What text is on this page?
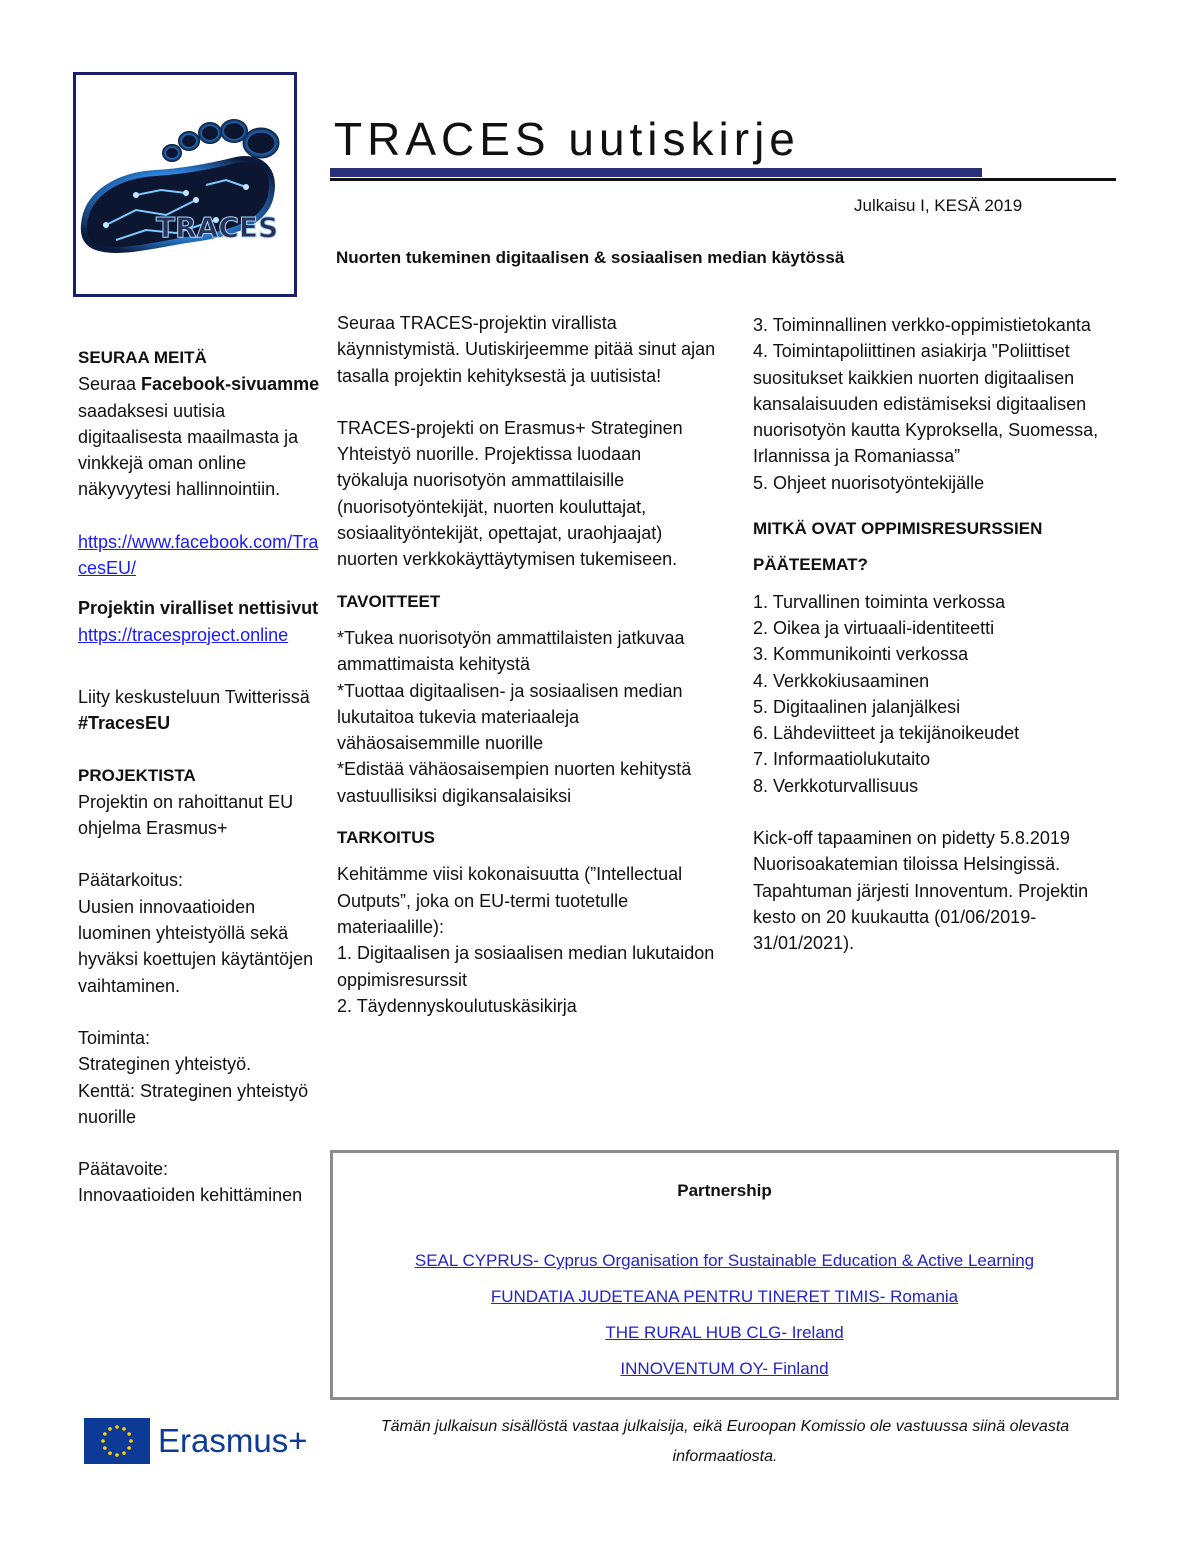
TRACES
TRACES uutiskirje
Julkaisu I, KESÄ 2019
Nuorten tukeminen digitaalisen & sosiaalisen median käytössä

SEURAA MEITÄ

Seuraa Facebook-sivuamme saadaksesi uutisia digitaalisesta maailmasta ja vinkkejä oman online näkyvyytesi hallinnointiin.

https://www.facebook.com/TracesEU/

Projektin viralliset nettisivut

https://tracesproject.online

Liity keskusteluun Twitterissä #TracesEU

PROJEKTISTA

Projektin on rahoittanut EU ohjelma Erasmus+

Päätarkoitus:

Uusien innovaatioiden luominen yhteistyöllä sekä hyväksi koettujen käytäntöjen vaihtaminen.

Toiminta:

Strateginen yhteistyö.

Kenttä: Strateginen yhteistyö nuorille

Päätavoite:

Innovaatioiden kehittäminen

Seuraa TRACES-projektin virallista käynnistymistä. Uutiskirjeemme pitää sinut ajan tasalla projektin kehityksestä ja uutisista!

TRACES-projekti on Erasmus+ Strateginen Yhteistyö nuorille. Projektissa luodaan työkaluja nuorisotyön ammattilaisille (nuorisotyöntekijät, nuorten kouluttajat, sosiaalityöntekijät, opettajat, uraohjaajat) nuorten verkkokäyttäytymisen tukemiseen.

TAVOITTEET

*Tukea nuorisotyön ammattilaisten jatkuvaa ammattimaista kehitystä

*Tuottaa digitaalisen- ja sosiaalisen median lukutaitoa tukevia materiaaleja vähäosaisemmille nuorille

*Edistää vähäosaisempien nuorten kehitystä vastuullisiksi digikansalaisiksi

TARKOITUS

Kehitämme viisi kokonaisuutta (”Intellectual Outputs”, joka on EU-termi tuotetulle materiaalille):

1. Digitaalisen ja sosiaalisen median lukutaidon oppimisresurssit

2. Täydennyskoulutuskäsikirja

3. Toiminnallinen verkko-oppimistietokanta

4. Toimintapoliittinen asiakirja ”Poliittiset suositukset kaikkien nuorten digitaalisen kansalaisuuden edistämiseksi digitaalisen nuorisotyön kautta Kyproksella, Suomessa, Irlannissa ja Romaniassa”

5. Ohjeet nuorisotyöntekijälle

MITKÄ OVAT OPPIMISRESURSSIEN

PÄÄTEEMAT?

1. Turvallinen toiminta verkossa

2. Oikea ja virtuaali-identiteetti

3. Kommunikointi verkossa

4. Verkkokiusaaminen

5. Digitaalinen jalanjälkesi

6. Lähdeviitteet ja tekijänoikeudet

7. Informaatiolukutaito

8. Verkkoturvallisuus

Kick-off tapaaminen on pidetty 5.8.2019 Nuorisoakatemian tiloissa Helsingissä. Tapahtuman järjesti Innoventum. Projektin kesto on 20 kuukautta (01/06/2019-31/01/2021).

Partnership
SEAL CYPRUS- Cyprus Organisation for Sustainable Education & Active Learning
FUNDATIA JUDETEANA PENTRU TINERET TIMIS- Romania
THE RURAL HUB CLG- Ireland
INNOVENTUM OY- Finland
Erasmus+	Tämän julkaisun sisällöstä vastaa julkaisija, eikä Euroopan Komissio ole vastuussa siinä olevasta informaatiosta.
